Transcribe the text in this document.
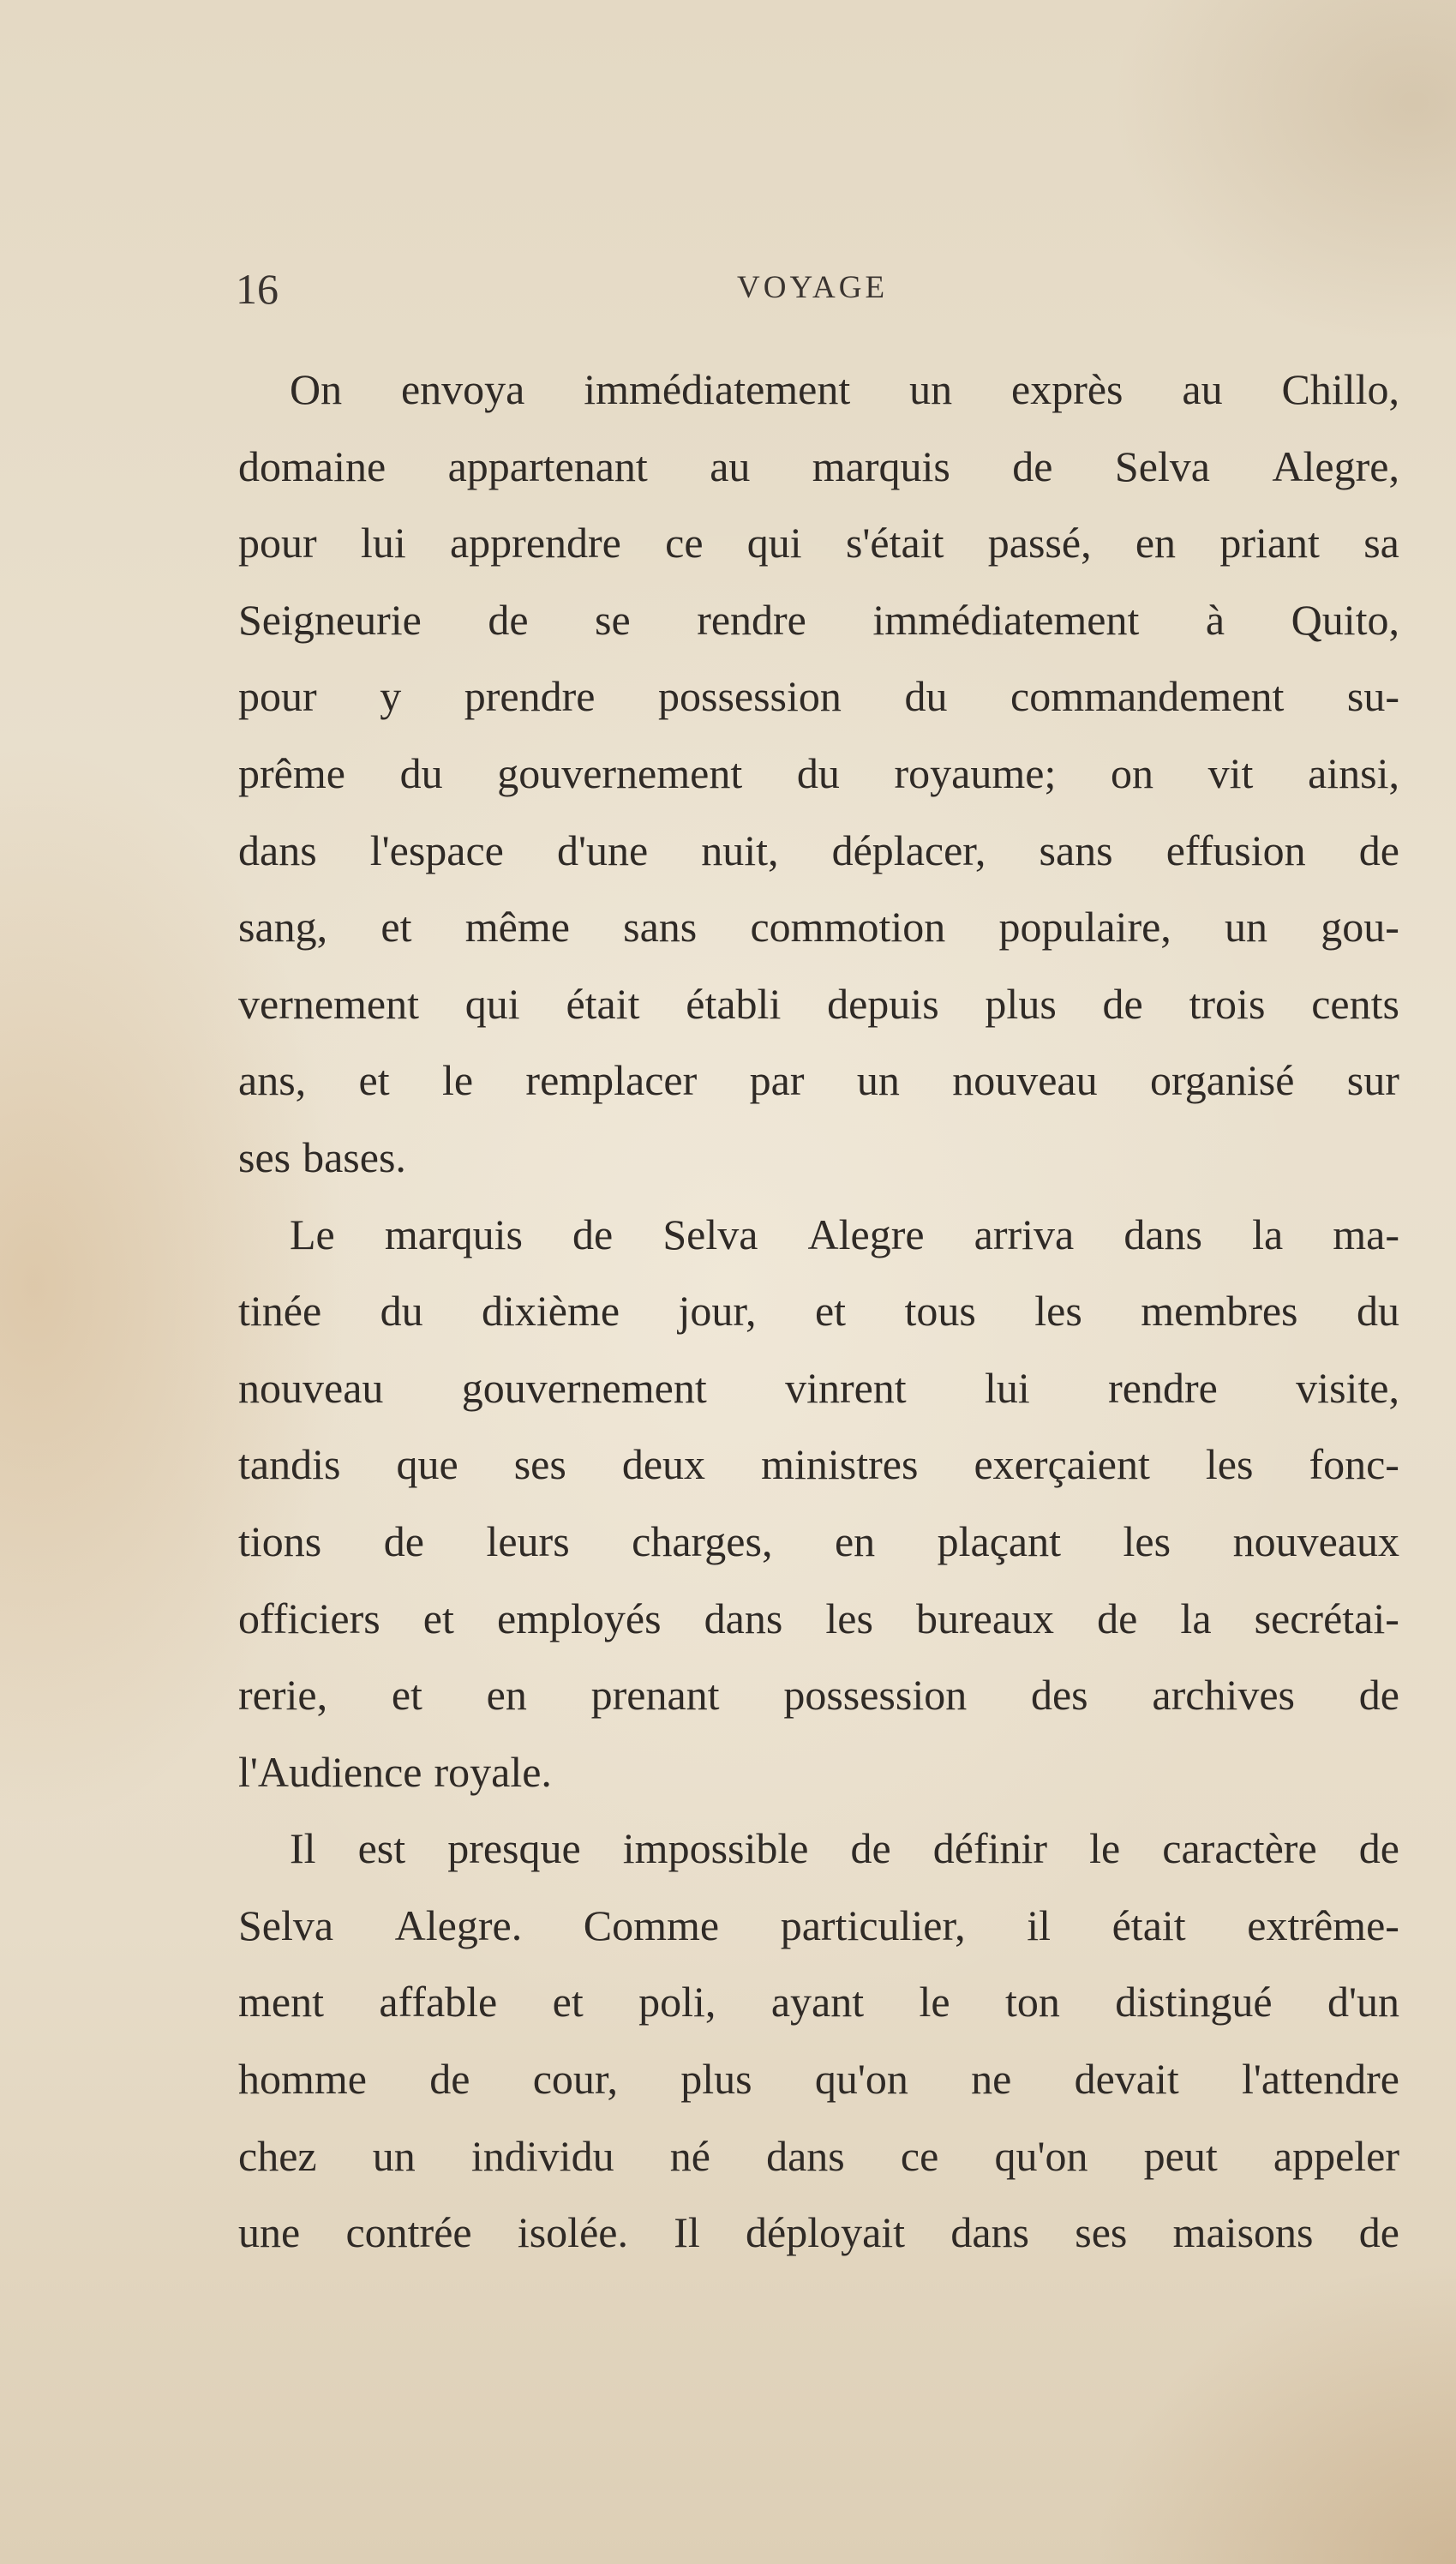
16	VOYAGE
On envoya immédiatement un exprès au Chillo,
domaine appartenant au marquis de Selva Alegre,
pour lui apprendre ce qui s'était passé, en priant sa
Seigneurie de se rendre immédiatement à Quito,
pour y prendre possession du commandement su-
prême du gouvernement du royaume; on vit ainsi,
dans l'espace d'une nuit, déplacer, sans effusion de
sang, et même sans commotion populaire, un gou-
vernement qui était établi depuis plus de trois cents
ans, et le remplacer par un nouveau organisé sur
ses bases.
Le marquis de Selva Alegre arriva dans la ma-
tinée du dixième jour, et tous les membres du
nouveau gouvernement vinrent lui rendre visite,
tandis que ses deux ministres exerçaient les fonc-
tions de leurs charges, en plaçant les nouveaux
officiers et employés dans les bureaux de la secrétai-
rerie, et en prenant possession des archives de
l'Audience royale.
Il est presque impossible de définir le caractère de
Selva Alegre. Comme particulier, il était extrême-
ment affable et poli, ayant le ton distingué d'un
homme de cour, plus qu'on ne devait l'attendre
chez un individu né dans ce qu'on peut appeler
une contrée isolée. Il déployait dans ses maisons de
